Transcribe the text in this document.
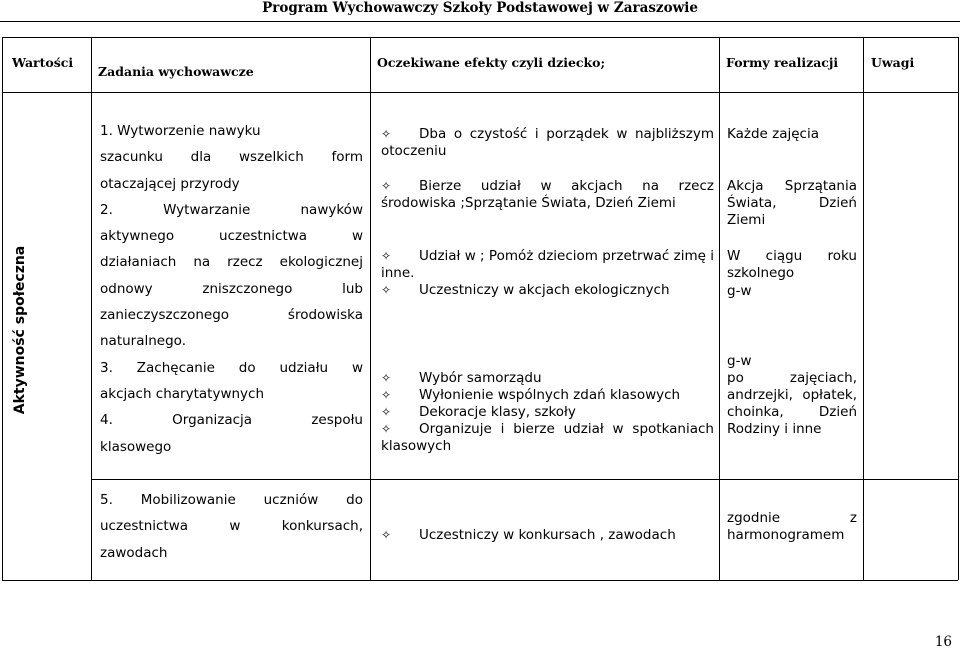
Program Wychowawczy Szkoły Podstawowej w Zaraszowie
Wartości
Zadania wychowawcze
Oczekiwane efekty czyli dziecko;	Formy realizacji	Uwagi
Aktywność społeczna
1. Wytworzenie nawyku
szacunku dla wszelkich form
otaczającej przyrody
2. Wytwarzanie nawyków
aktywnego uczestnictwa w
działaniach na rzecz ekologicznej
odnowy zniszczonego lub
zanieczyszczonego środowiska
naturalnego.
3. Zachęcanie do udziału w
akcjach charytatywnych
4. Organizacja zespołu
klasowego
5. Mobilizowanie uczniów do
uczestnictwa w konkursach,
zawodach

✧ Dba o czystość i porządek w najbliższym otoczeniu

✧ Bierze udział w akcjach na rzecz środowiska ;Sprzątanie Świata, Dzień Ziemi

✧ Udział w ; Pomóż dzieciom przetrwać zimę i inne.

✧ Uczestniczy w akcjach ekologicznych

✧ Wybór samorządu

✧ Wyłonienie wspólnych zdań klasowych

✧ Dekoracje klasy, szkoły

✧ Organizuje i bierze udział w spotkaniach klasowych

✧ Uczestniczy w konkursach , zawodach

Każde zajęcia
Akcja Sprzątania Świata, Dzień Ziemi
W ciągu roku szkolnego
g-w
g-w
po zajęciach, andrzejki, opłatek, choinka, Dzień Rodziny i inne
zgodnie z harmonogramem
16
